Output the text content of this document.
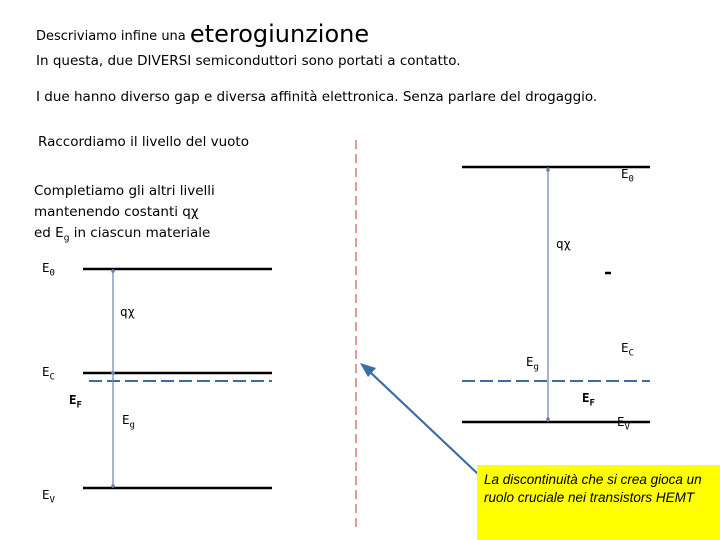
Descriviamo infine una eterogiunzione
In questa, due DIVERSI semiconduttori sono portati a contatto.
I due hanno diverso gap e diversa affinità elettronica. Senza parlare del drogaggio.
Raccordiamo il livello del vuoto
Completiamo gli altri livelli
mantenendo costanti qχ
ed $E_g$ in ciascun materiale
$E_0$
qχ
$E_C$
$E_F$
$E_g$
$E_V$
$E_0$
qχ
$E_g$
$E_C$
$E_F$
$E_V$
La discontinuità che si crea gioca un ruolo cruciale nei transistors HEMT
